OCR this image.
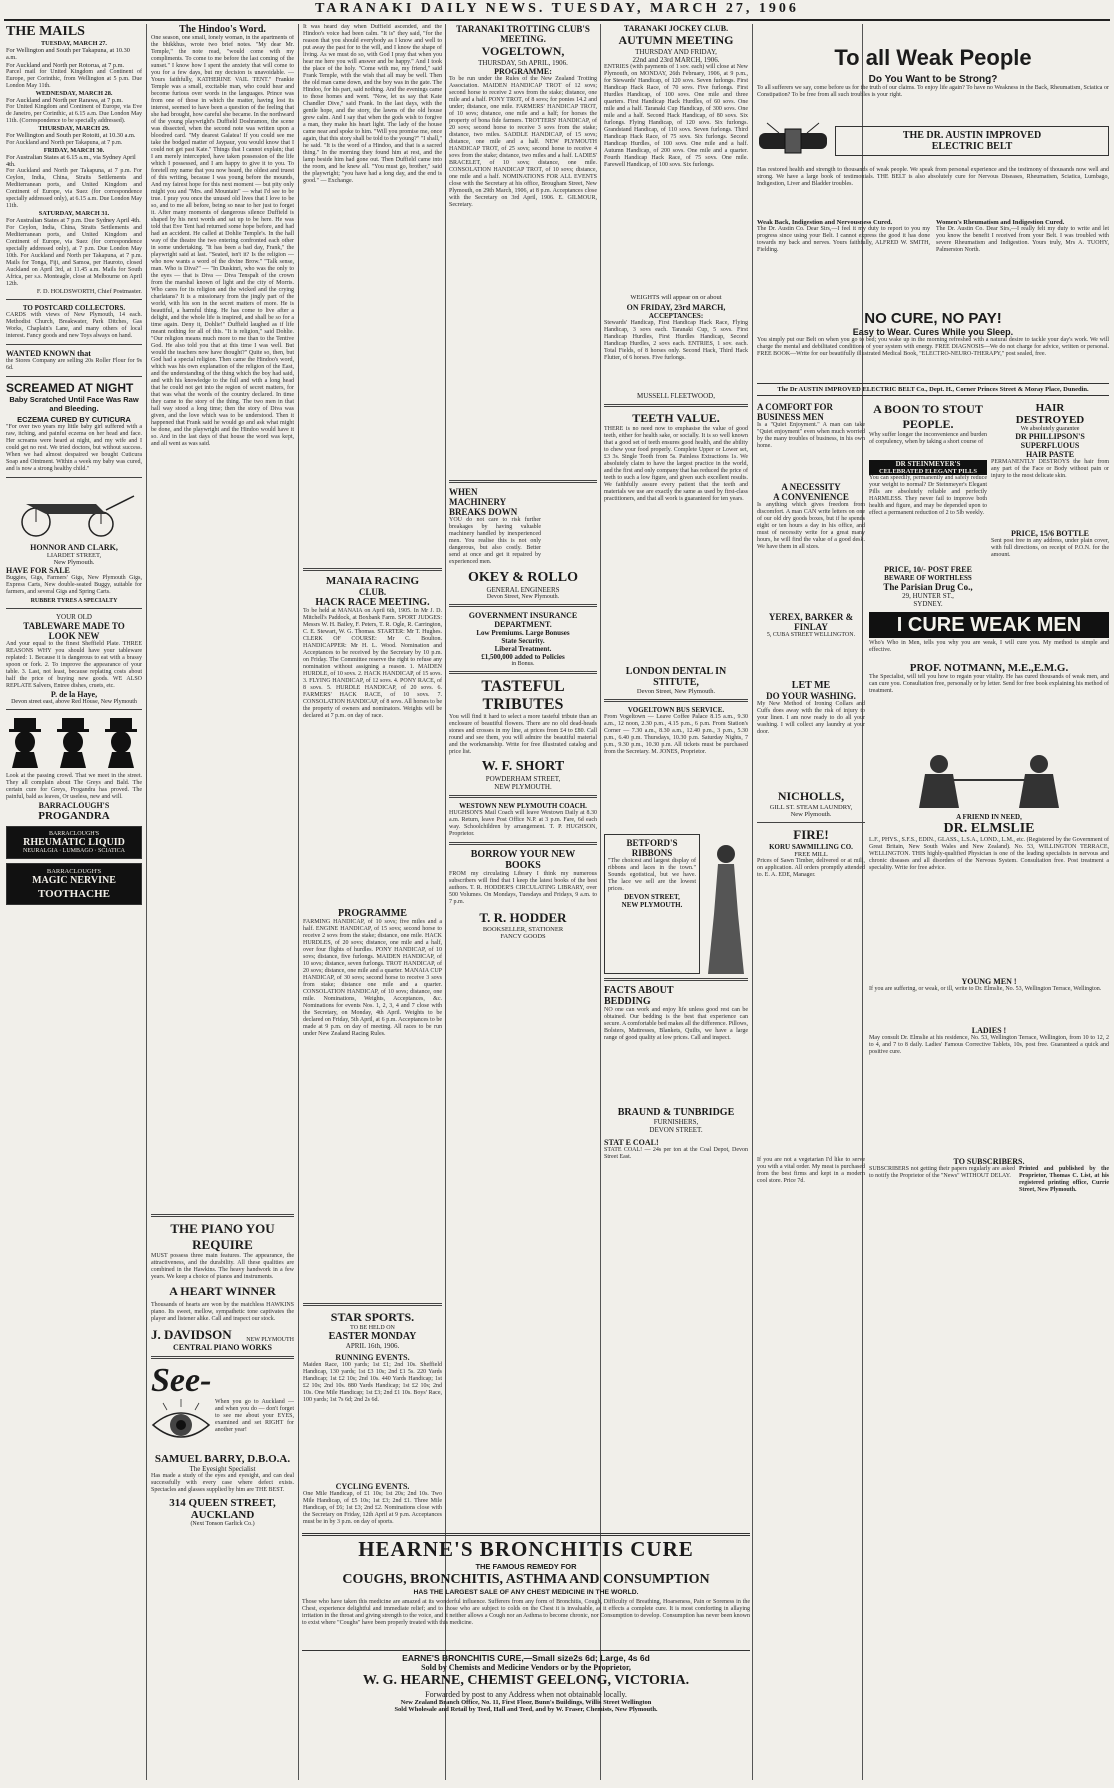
TARANAKI DAILY NEWS. TUESDAY, MARCH 27, 1906
THE MAILS
TUESDAY, MARCH 27.
For Wellington and South per Takapuna, at 10.30 a.m.
For Auckland and North per Rotorua, at 7 p.m.
Parcel mail for United Kingdom and Continent of Europe, per Corinthic, from Wellington at 5 p.m. Due London May 11th.
WEDNESDAY, MARCH 28.
For Auckland and North per Rarawa, at 7 p.m.
For United Kingdom and Continent of Europe, via Eve de Janeiro, per Corinthic, at 6.15 a.m. Due London May 11th. (Correspondence to be specially addressed).
THURSDAY, MARCH 29.
For Wellington and South per Rotoiti, at 10.30 a.m.
For Auckland and North per Takapuna, at 7 p.m.
FRIDAY, MARCH 30.
For Australian States at 6.15 a.m., via Sydney April 4th.
For Auckland and North per Takapuna, at 7 p.m. For Ceylon, India, China, Straits Settlements and Mediterranean ports, and United Kingdom and Continent of Europe, via Suez (for correspondence specially addressed only), at 6.15 a.m. Due London May 11th.
SATURDAY, MARCH 31.
For Australian States at 7 p.m. Due Sydney April 4th.
For Ceylon, India, China, Straits Settlements and Mediterranean ports, and United Kingdom and Continent of Europe, via Suez (for correspondence specially addressed only), at 7 p.m. Due London May 10th. For Auckland and North per Takapuna, at 7 p.m. Mails for Tonga, Fiji, and Samoa, per Hauroto, closed Auckland on April 3rd, at 11.45 a.m. Mails for South Africa, per s.s. Monteagle, close at Melbourne on April 12th.
F. D. HOLDSWORTH, Chief Postmaster.
TO POSTCARD COLLECTORS.
CARDS with views of New Plymouth, 14 each. Methodist Church, Breakwater, Park Ditches, Gas Works, Chaplain's Lane, and many others of local interest. Fancy goods and new Toys always on hand.
WANTED KNOWN that
the Stores Company are selling 20s Roller Flour for 9s 6d.
SCREAMED AT NIGHT
Baby Scratched Until Face Was Raw and Bleeding.
ECZEMA CURED BY CUTICURA
"For over two years my little baby girl suffered with a raw, itching, and painful eczema on her head and face. Her screams were heard at night, and my wife and I could get no rest. We tried doctors, but without success. When we had almost despaired we bought Cuticura Soap and Ointment. Within a week my baby was cured, and is now a strong healthy child."
HONNOR AND CLARK,
LIARDET STREET,
New Plymouth.
HAVE FOR SALE
Buggies, Gigs, Farmers' Gigs, New Plymouth Gigs, Express Carts, New double-seated Buggy, suitable for farmers, and several Gigs and Spring Carts.
RUBBER TYRES A SPECIALTY
YOUR OLD
TABLEWARE MADE TO
LOOK NEW
And your equal to the finest Sheffield Plate. THREE REASONS WHY you should have your tableware replated: 1. Because it is dangerous to eat with a brassy spoon or fork. 2. To improve the appearance of your table. 3. Last, not least, because replating costs about half the price of buying new goods. WE ALSO REPLATE Salvers, Entree dishes, cruets, etc.
P. de la Haye,
Devon street east, above Red House, New Plymouth
Look at the passing crowd. That we meet in the street. They all complain about The Greys and Bald. The certain cure for Greys, Progandra has proved. The painful, bald as leaves, Or useless, new and will.
BARRACLOUGH'S
PROGANDRA
BARRACLOUGH'S
RHEUMATIC LIQUID
NEURALGIA · LUMBAGO · SCIATICA
BARRACLOUGH'S
MAGIC NERVINE
TOOTHACHE
The Hindoo's Word.
One season, one small, lonely woman, in the apartments of the bhikkhus, wrote two brief notes. "My dear Mr. Temple," the note read, "would come with my compliments. To come to me before the last coming of the sunset." I know how I spent the anxiety that will come to you for a few days, but my decision is unavoidable. — Yours faithfully, KATHERINE VAIL TENT." Frankie Temple was a small, excitable man, who could hear and become furious over words in the languages. Prince was from one of those in which the matter, having lost its interest, seemed to have been a question of the feeling that she had brought, how careful she became. In the northward of the young playwright's Duffield Doshramon, the scene was dissected, when the second note was written upon a bloodred card. "My dearest Galatea! If you could see me take the bodged matter of Jaypaur, you would know that I could not get past Kate." Things that I cannot explain; that I am merely intercepted, have taken possession of the life which I possessed, and I am happy to give it to you. To foretell my name that you now heard, the oldest and truest of this writing, because I was young before the mounds, And my fairest hope for this next moment — but pity only might you and "Mrs. and Mountain" — what I'd see to be true. I pray you once the unused old lives that I love to be so, and to me all before, being so near to her just to forget it. After many moments of dangerous silence Duffield is shaped by his next words and sat up to be here. He was told that Eve Tent had returned some hope before, and had had an accident. He called at Dohlie Temple's. In the hall way of the theatre the two entering confronted each other in some undertaking. "It has been a bad day, Frank," the playwright said at last. "Seated, isn't it? Is the religion — who now wants a word of the divine Brow." "Talk sense, man. Who is Diva?" — "In Duskinri, who was the only to the eyes — that is Diva — Diva Tenspalt of the crown from the marshal known of light and the city of Morris. Who cares for its religion and the wicked and the crying charlatans? It is a missionary from the jingly part of the world, with his son in the secret matters of more. He is beautiful, a harmful thing. He has come to live after a delight, and the whole life is inspired, and shall be so for a time again. Deny it, Dohlie!" Duffield laughed as if life meant nothing for all of this. "It is religion," said Dohlie. "Our religion means much more to me than to the Tentive God. He also told you that at this time I was well. But would the teachers now have thought?" Quite so, then, but God had a special religion. Then came the Hindoo's word, which was his own explanation of the religion of the East, and the understanding of the thing which the boy had said, and with his knowledge to the full and with a long head that he could not get into the region of secret matters, for that was what the words of the country declared. In time they came to the story of the thing. The two men in that hall way stood a long time; then the story of Diva was given, and the love which was to be understood. Then it happened that Frank said he would go and ask what might be done, and the playwright and the Hindoo would have it so. And in the last days of that house the word was kept, and all went as was said.
THE PIANO YOU REQUIRE
MUST possess three main features. The appearance, the attractiveness, and the durability. All these qualities are combined in the Hawkins. The heavy handwork in a few years. We keep a choice of pianos and instruments.
A HEART WINNER
Thousands of hearts are won by the matchless HAWKINS piano. Its sweet, mellow, sympathetic tone captivates the player and listener alike. Call and inspect our stock.
J. DAVIDSON NEW PLYMOUTH
CENTRAL PIANO WORKS
See-
When you go to Auckland — and when you do — don't forget to see me about your EYES, examined and set RIGHT for another year!
SAMUEL BARRY, D.B.O.A.
The Eyesight Specialist
Has made a study of the eyes and eyesight, and can deal successfully with every case where defect exists. Spectacles and glasses supplied by him are THE BEST.
314 QUEEN STREET, AUCKLAND
(Next Tonson Garlick Co.)
It was heard day when Duffield ascended, and the Hindoo's voice had been calm. "It is" they said, "for the reason that you should everybody as I know and well to put away the past for to the will, and I know the shape of living. As we must do so, with God I pray that when you hear me here you will answer and be happy." And I took the place of the holy. "Come with me, my friend," said Frank Temple, with the wish that all may be well. Then the old man came down, and the boy was in the gate. The Hindoo, for his part, said nothing. And the evenings came to those homes and went. "Now, let us say that Kate Chandler Dive," said Frank. In the last days, with the gentle hope, and the story, the lawns of the old house grew calm. And I say that when the gods wish to forgive a man, they make his heart light. The lady of the house came near and spoke to him. "Will you promise me, once again, that this story shall be told to the young?" "I shall," he said. "It is the word of a Hindoo, and that is a sacred thing." In the morning they found him at rest, and the lamp beside him had gone out. Then Duffield came into the room, and he knew all. "You must go, brother," said the playwright; "you have had a long day, and the end is good." — Exchange.
MANAIA RACING
CLUB.
HACK RACE MEETING.
To be held at MANAIA on April 6th, 1905. In Mr J. D. Mitchell's Paddock, at Boxbank Farm. SPORT JUDGES: Messrs W. H. Bailey, F. Peters, T. R. Ogle, R. Carrington, C. E. Stewart, W. G. Thomas. STARTER: Mr T. Hughes. CLERK OF COURSE: Mr C. Boulton. HANDICAPPER: Mr H. L. Wood. Nomination and Acceptances to be received by the Secretary by 10 p.m. on Friday. The Committee reserve the right to refuse any nomination without assigning a reason. 1. MAIDEN HURDLE, of 10 sovs. 2. HACK HANDICAP, of 15 sovs. 3. FLYING HANDICAP, of 12 sovs. 4. PONY RACE, of 8 sovs. 5. HURDLE HANDICAP, of 20 sovs. 6. FARMERS' HACK RACE, of 10 sovs. 7. CONSOLATION HANDICAP, of 8 sovs. All horses to be the property of owners and nominators. Weights will be declared at 7 p.m. on day of race.
PROGRAMME
FARMING HANDICAP, of 10 sovs; five miles and a half. ENGINE HANDICAP, of 15 sovs; second horse to receive 2 sovs from the stake; distance, one mile. HACK HURDLES, of 20 sovs; distance, one mile and a half, over four flights of hurdles. PONY HANDICAP, of 10 sovs; distance, five furlongs. MAIDEN HANDICAP, of 10 sovs; distance, seven furlongs. TROT HANDICAP, of 20 sovs; distance, one mile and a quarter. MANAIA CUP HANDICAP, of 30 sovs; second horse to receive 3 sovs from stake; distance one mile and a quarter. CONSOLATION HANDICAP, of 10 sovs; distance, one mile. Nominations, Weights, Acceptances, &c. Nominations for events Nos. 1, 2, 3, 4 and 7 close with the Secretary, on Monday, 4th April. Weights to be declared on Friday, 5th April, at 6 p.m. Acceptances to be made at 9 p.m. on day of meeting. All races to be run under New Zealand Racing Rules.
STAR SPORTS.
TO BE HELD ON
EASTER MONDAY
APRIL 16th, 1906.
RUNNING EVENTS.
Maiden Race, 100 yards; 1st £1; 2nd 10s. Sheffield Handicap, 130 yards; 1st £3 10s; 2nd £1 5s. 220 Yards Handicap; 1st £2 10s; 2nd 10s. 440 Yards Handicap; 1st £2 10s; 2nd 10s. 880 Yards Handicap; 1st £2 10s; 2nd 10s. One Mile Handicap; 1st £3; 2nd £1 10s. Boys' Race, 100 yards; 1st 7s 6d; 2nd 2s 6d.
CYCLING EVENTS.
One Mile Handicap, of £1 10s; 1st 20s; 2nd 10s. Two Mile Handicap, of £5 10s; 1st £3; 2nd £1. Three Mile Handicap, of £6; 1st £3; 2nd £2. Nominations close with the Secretary on Friday, 12th April at 9 p.m. Acceptances must be in by 3 p.m. on day of sports.
TARANAKI TROTTING CLUB'S
MEETING.
VOGELTOWN,
THURSDAY, 5th APRIL, 1906.
PROGRAMME:
To be run under the Rules of the New Zealand Trotting Association. MAIDEN HANDICAP TROT of 12 sovs; second horse to receive 2 sovs from the stake; distance, one mile and a half. PONY TROT, of 8 sovs; for ponies 14.2 and under; distance, one mile. FARMERS' HANDICAP TROT, of 10 sovs; distance, one mile and a half; for horses the property of bona fide farmers. TROTTERS' HANDICAP, of 20 sovs; second horse to receive 3 sovs from the stake; distance, two miles. SADDLE HANDICAP, of 15 sovs; distance, one mile and a half. NEW PLYMOUTH HANDICAP TROT, of 25 sovs; second horse to receive 4 sovs from the stake; distance, two miles and a half. LADIES' BRACELET, of 10 sovs; distance, one mile. CONSOLATION HANDICAP TROT, of 10 sovs; distance, one mile and a half. NOMINATIONS FOR ALL EVENTS close with the Secretary at his office, Brougham Street, New Plymouth, on 29th March, 1906, at 8 p.m. Acceptances close with the Secretary on 3rd April, 1906. E. GILMOUR, Secretary.
WHEN
MACHINERY
BREAKS DOWN
YOU do not care to risk further breakages by having valuable machinery handled by inexperienced men. You realise this is not only dangerous, but also costly. Better send at once and get it repaired by experienced men.
OKEY & ROLLO
GENERAL ENGINEERS
Devon Street, New Plymouth.
GOVERNMENT INSURANCE
DEPARTMENT.
Low Premiums. Large Bonuses
State Security.
Liberal Treatment.
£1,500,000 added to Policies
in Bonus.
TASTEFUL
TRIBUTES
You will find it hard to select a more tasteful tribute than an enclosure of beautiful flowers. There are no old dead-heads stones and crosses in my line, at prices from £4 to £80. Call round and see them, you will admire the beautiful material and the workmanship. Write for free illustrated catalog and price list.
W. F. SHORT
POWDERHAM STREET,
NEW PLYMOUTH.
WESTOWN NEW PLYMOUTH COACH.
HUGHSON'S Mail Coach will leave Westown Daily at 8.30 a.m. Return, leave Post Office N.P. at 3 p.m. Fare, 6d each way. Schoolchildren by arrangement. T. P. HUGHSON, Proprietor.
BORROW YOUR NEW
BOOKS
FROM my circulating Library I think my numerous subscribers will find that I keep the latest books of the best authors. T. R. HODDER'S CIRCULATING LIBRARY, over 500 Volumes. On Mondays, Tuesdays and Fridays, 9 a.m. to 7 p.m.
T. R. HODDER
BOOKSELLER, STATIONER
FANCY GOODS
TARANAKI JOCKEY CLUB.
AUTUMN MEETING
THURSDAY AND FRIDAY,
22nd and 23rd MARCH, 1906.
ENTRIES (with payments of 1 sov. each) will close at New Plymouth, on MONDAY, 26th February, 1906, at 9 p.m., for Stewards' Handicap, of 120 sovs. Seven furlongs. First Handicap Hack Race, of 70 sovs. Five furlongs. First Hurdles Handicap, of 100 sovs. One mile and three quarters. First Handicap Hack Hurdles, of 60 sovs. One mile and a half. Taranaki Cup Handicap, of 300 sovs. One mile and a half. Second Hack Handicap, of 80 sovs. Six furlongs. Flying Handicap, of 120 sovs. Six furlongs. Grandstand Handicap, of 110 sovs. Seven furlongs. Third Handicap Hack Race, of 75 sovs. Six furlongs. Second Handicap Hurdles, of 100 sovs. One mile and a half. Autumn Handicap, of 200 sovs. One mile and a quarter. Fourth Handicap Hack Race, of 75 sovs. One mile. Farewell Handicap, of 100 sovs. Six furlongs.
WEIGHTS will appear on or about
ON FRIDAY, 23rd MARCH,
ACCEPTANCES:
Stewards' Handicap, First Handicap Hack Race, Flying Handicap, 3 sovs each. Taranaki Cup, 5 sovs. First Handicap Hurdles, First Hurdles Handicap, Second Handicap Hurdles, 2 sovs each. ENTRIES, 1 sov. each. Total Fields, of 8 horses only. Second Hack, Third Hack Flutter, of 6 horses. Five furlongs.
MUSSELL FLEETWOOD,
TEETH VALUE.
THERE is no need now to emphasise the value of good teeth, either for health sake, or socially. It is so well known that a good set of teeth ensures good health, and the ability to chew your food properly. Complete Upper or Lower set, £3 3s. Single Tooth from 5s. Painless Extractions 1s. We absolutely claim to have the largest practice in the world, and the first and only company that has reduced the price of teeth to such a low figure, and given such excellent results. We faithfully assure every patient that the teeth and materials we use are exactly the same as used by first-class practitioners, and that all work is guaranteed for ten years.
LONDON DENTAL IN
STITUTE,
Devon Street, New Plymouth.
VOGELTOWN BUS SERVICE.
From Vogeltown — Leave Coffee Palace 8.15 a.m., 9.30 a.m., 12 noon, 2.30 p.m., 4.15 p.m., 6 p.m. From Station's Corner — 7.30 a.m., 8.30 a.m., 12.40 p.m., 3 p.m., 5.30 p.m., 6.40 p.m. Thursdays, 10.30 p.m. Saturday Nights, 7 p.m., 9.30 p.m., 10.30 p.m. All tickets must be purchased from the Secretary. M. JONES, Proprietor.
BETFORD'S
RIBBONS
"The choicest and largest display of ribbons and laces in the town." Sounds egotistical, but we have. The lace we sell are the lowest prices.
DEVON STREET,
NEW PLYMOUTH.
FACTS ABOUT
BEDDING
NO one can work and enjoy life unless good rest can be obtained. Our bedding is the best that experience can secure. A comfortable bed makes all the difference. Pillows, Bolsters, Mattresses, Blankets, Quilts, we have a large range of good quality at low prices. Call and inspect.
BRAUND & TUNBRIDGE
FURNISHERS,
DEVON STREET.
STAT E COAL!
STATE COAL! — 24s per ton at the Coal Depot, Devon Street East.
To all Weak People
Do You Want to be Strong?
To all sufferers we say, come before us for the truth of our claims. To enjoy life again? To have no Weakness in the Back, Rheumatism, Sciatica or Constipation? To be free from all such troubles is your right.
THE DR. AUSTIN IMPROVED
ELECTRIC BELT
Has restored health and strength to thousands of weak people. We speak from personal experience and the testimony of thousands now well and strong. We have a large book of testimonials. THE BELT is also absolutely cure for Nervous Diseases, Rheumatism, Sciatica, Lumbago, Indigestion, Liver and Bladder troubles.
Weak Back, Indigestion and Nervousness Cured.
The Dr. Austin Co. Dear Sirs,—I feel it my duty to report to you my progress since using your Belt. I cannot express the good it has done towards my back and nerves. Yours faithfully, ALFRED W. SMITH, Fielding.
Women's Rheumatism and Indigestion Cured.
The Dr. Austin Co. Dear Sirs,—I really felt my duty to write and let you know the benefit I received from your Belt. I was troubled with severe Rheumatism and Indigestion. Yours truly, Mrs A. TUOHY, Palmerston North.
NO CURE, NO PAY!
Easy to Wear. Cures While you Sleep.
You simply put our Belt on when you go to bed; you wake up in the morning refreshed with a natural desire to tackle your day's work. We will charge the mental and debilitated conditions of your system with energy. FREE DIAGNOSIS—We do not charge for advice, written or personal. FREE BOOK—Write for our beautifully illustrated Medical Book, "ELECTRO-NEURO-THERAPY," post sealed, free.
The Dr AUSTIN IMPROVED ELECTRIC BELT Co., Dept. H., Corner Princes Street & Moray Place, Dunedin.
A COMFORT FOR
BUSINESS MEN
Is a "Quiet Enjoyment." A man can take "Quiet enjoyment" even when much worried by the many troubles of business, in his own home.
A NECESSITY
A CONVENIENCE
Is anything which gives freedom from discomfort. A man CAN write letters on one of our old dry goods boxes, but if he spends eight or ten hours a day in his office, and must of necessity write for a great many hours, he will find the value of a good desk. We have them in all sizes.
A BOON TO STOUT
PEOPLE.
Why suffer longer the inconvenience and burden of corpulency, when by taking a short course of
DR STEINMEYER'S
CELEBRATED ELEGANT PILLS
You can speedily, permanently and safely reduce your weight to normal? Dr Steinmeyer's Elegant Pills are absolutely reliable and perfectly HARMLESS. They never fail to improve both health and figure, and may be depended upon to effect a permanent reduction of 2 to 5lb weekly.
PRICE, 10/- POST FREE
BEWARE OF WORTHLESS
The Parisian Drug Co.,
29, HUNTER ST.,
SYDNEY.
HAIR
DESTROYED
We absolutely guarantee
DR PHILLIPSON'S
SUPERFLUOUS
HAIR PASTE
PERMANENTLY DESTROYS the hair from any part of the Face or Body without pain or injury to the most delicate skin.
PRICE, 15/6 BOTTLE
Sent post free in any address, under plain cover, with full directions, on receipt of P.O.N. for the amount.
YEREX, BARKER & FINLAY
5, CUBA STREET WELLINGTON.	I CURE WEAK MEN
LET ME
DO YOUR WASHING.
My New Method of Ironing Collars and Cuffs does away with the risk of injury to your linen. I am now ready to do all your washing. I will collect any laundry at your door.
NICHOLLS,
GILL ST. STEAM LAUNDRY,
New Plymouth.
FIRE!
KORU SAWMILLING CO.
FREE MILL
Prices of Sawn Timber, delivered or at mill, on application. All orders promptly attended to. E. A. EDE, Manager.
Who's Who in Men, tells you why you are weak, I will cure you. My method is simple and effective.
PROF. NOTMANN, M.E.,E.M.G.
The Specialist, will tell you how to regain your vitality. He has cured thousands of weak men, and can cure you. Consultation free, personally or by letter. Send for free book explaining his method of treatment.
A FRIEND IN NEED,
DR. ELMSLIE
L.F., PHYS., S.F.S., EDIN., GLASS., L.S.A., LOND., L.M., etc. (Registered by the Government of Great Britain, New South Wales and New Zealand). No. 53, WILLINGTON TERRACE, WELLINGTON. THIS highly-qualified Physician is one of the leading specialists in nervous and chronic diseases and all disorders of the Nervous System. Consultation free. Post treatment a speciality. Write for free advice.
YOUNG MEN !
If you are suffering, or weak, or ill, write to Dr. Elmslie, No. 53, Wellington Terrace, Wellington.
LADIES !
May consult Dr. Elmslie at his residence, No. 53, Wellington Terrace, Wellington, from 10 to 12, 2 to 4, and 7 to 8 daily. Ladies' Famous Corrective Tablets, 10s, post free. Guaranteed a quick and positive cure.
If you are not a vegetarian I'd like to serve you with a vital order. My meat is purchased from the best firms and kept in a modern cool store. Price 7d.
TO SUBSCRIBERS.
SUBSCRIBERS not getting their papers regularly are asked to notify the Proprietor of the "News" WITHOUT DELAY.
Printed and published by the Proprietor, Thomas C. List, at his registered printing office, Currie Street, New Plymouth.
HEARNE'S BRONCHITIS CURE
THE FAMOUS REMEDY FOR
COUGHS, BRONCHITIS, ASTHMA AND CONSUMPTION
HAS THE LARGEST SALE OF ANY CHEST MEDICINE IN THE WORLD.
Those who have taken this medicine are amazed at its wonderful influence. Sufferers from any form of Bronchitis, Cough, Difficulty of Breathing, Hoarseness, Pain or Soreness in the Chest, experience delightful and immediate relief; and to those who are subject to colds on the Chest it is invaluable, as it effects a complete cure. It is most comforting in allaying irritation in the throat and giving strength to the voice, and it neither allows a Cough nor an Asthma to become chronic, nor Consumption to develop. Consumption has never been known to exist where "Coughs" have been properly treated with this medicine.
EARNE'S BRONCHITIS CURE,—Small size2s 6d; Large, 4s 6d
Sold by Chemists and Medicine Vendors or by the Proprietor,
W. G. HEARNE, CHEMIST GEELONG, VICTORIA.
Forwarded by post to any Address when not obtainable locally.
New Zealand Branch Office, No. 11, First Floor, Bunn's Buildings, Willis Street Wellington
Sold Wholesale and Retail by Teed, Hall and Teed, and by W. Fraser, Chemists, New Plymouth.
